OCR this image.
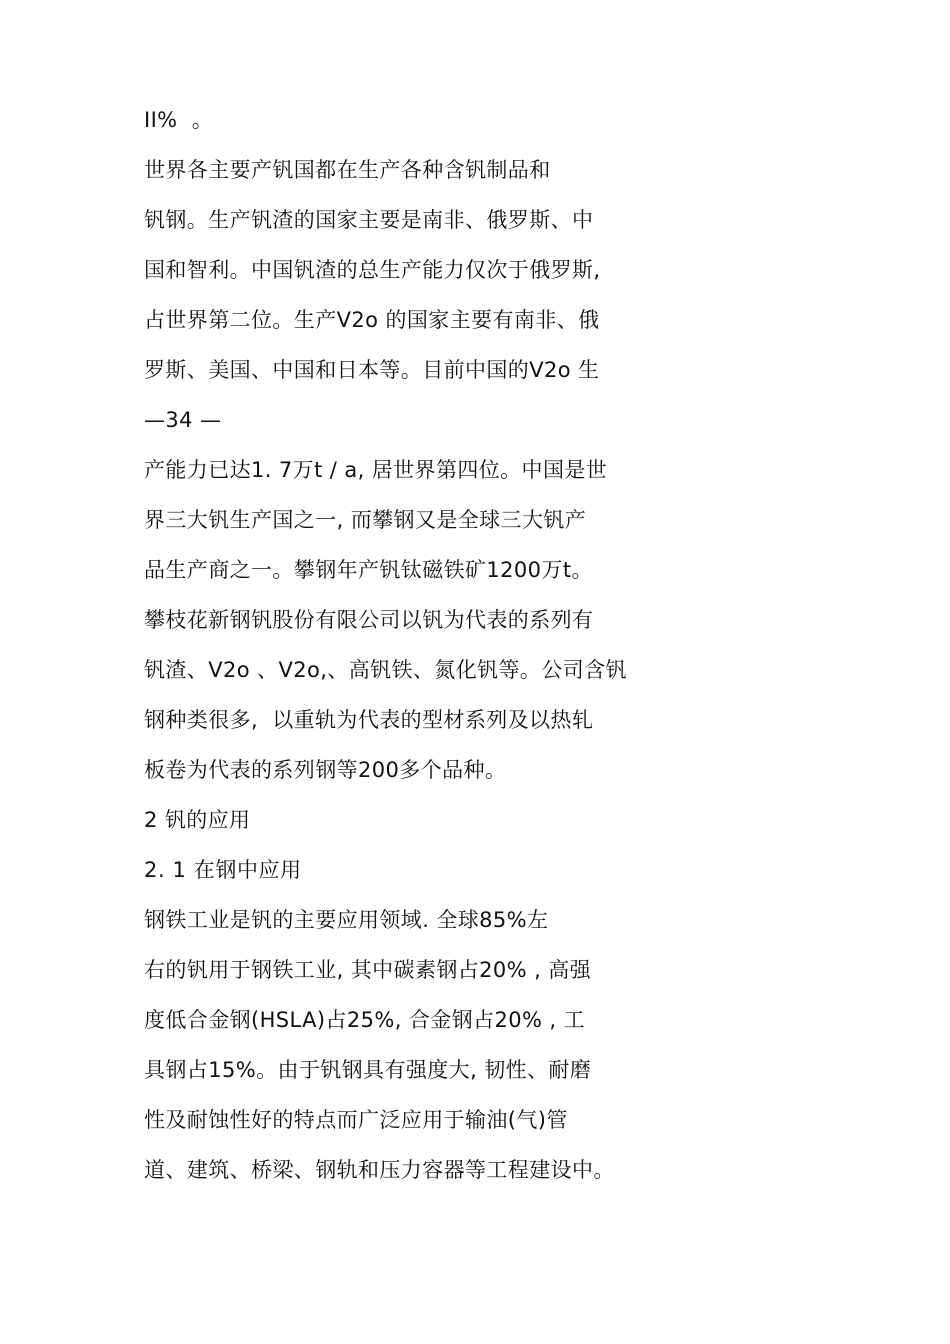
II%  。
世界各主要产钒国都在生产各种含钒制品和
钒钢。生产钒渣的国家主要是南非、俄罗斯、中
国和智利。中国钒渣的总生产能力仅次于俄罗斯,
占世界第二位。生产V2o 的国家主要有南非、俄
罗斯、美国、中国和日本等。目前中国的V2o 生
—34 —
产能力已达1. 7万t / a, 居世界第四位。中国是世
界三大钒生产国之一, 而攀钢又是全球三大钒产
品生产商之一。攀钢年产钒钛磁铁矿1200万t。
攀枝花新钢钒股份有限公司以钒为代表的系列有
钒渣、V2o 、V2o,、高钒铁、氮化钒等。公司含钒
钢种类很多,  以重轨为代表的型材系列及以热轧
板卷为代表的系列钢等200多个品种。
2 钒的应用
2. 1 在钢中应用
钢铁工业是钒的主要应用领域. 全球85%左
右的钒用于钢铁工业, 其中碳素钢占20% , 高强
度低合金钢(HSLA)占25%, 合金钢占20% , 工
具钢占15%。由于钒钢具有强度大, 韧性、耐磨
性及耐蚀性好的特点而广泛应用于输油(气)管
道、建筑、桥梁、钢轨和压力容器等工程建设中。
